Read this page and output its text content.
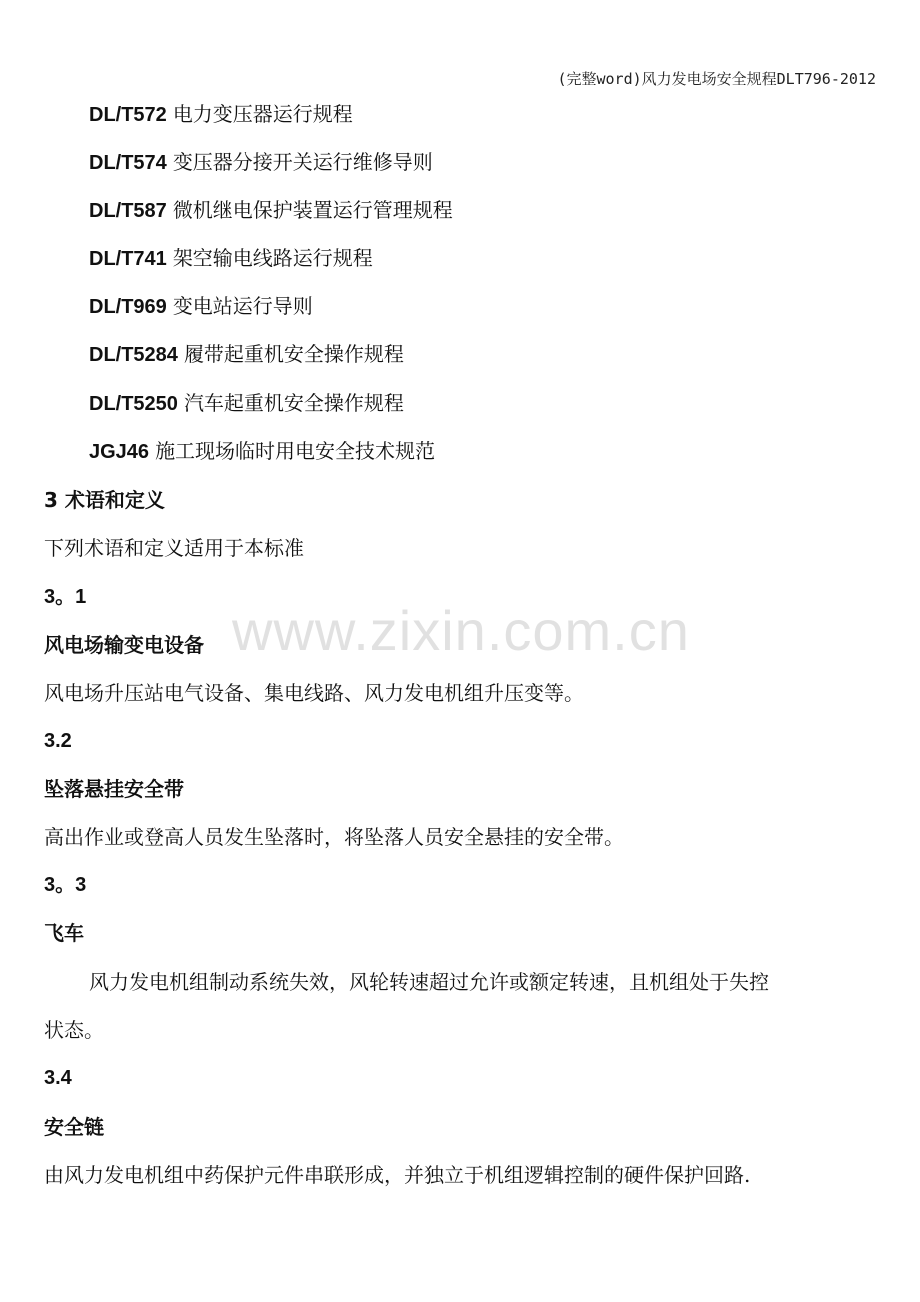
(完整word)风力发电场安全规程DLT796-2012
DL/T572 电力变压器运行规程
DL/T574 变压器分接开关运行维修导则
DL/T587 微机继电保护装置运行管理规程
DL/T741 架空输电线路运行规程
DL/T969 变电站运行导则
DL/T5284 履带起重机安全操作规程
DL/T5250 汽车起重机安全操作规程
JGJ46 施工现场临时用电安全技术规范
3 术语和定义
下列术语和定义适用于本标准
www.zixin.com.cn
3。1
风电场输变电设备
风电场升压站电气设备、集电线路、风力发电机组升压变等。
3.2
坠落悬挂安全带
高出作业或登高人员发生坠落时，将坠落人员安全悬挂的安全带。
3。3
飞车
风力发电机组制动系统失效，风轮转速超过允许或额定转速，且机组处于失控
状态。
3.4
安全链
由风力发电机组中药保护元件串联形成，并独立于机组逻辑控制的硬件保护回路.
